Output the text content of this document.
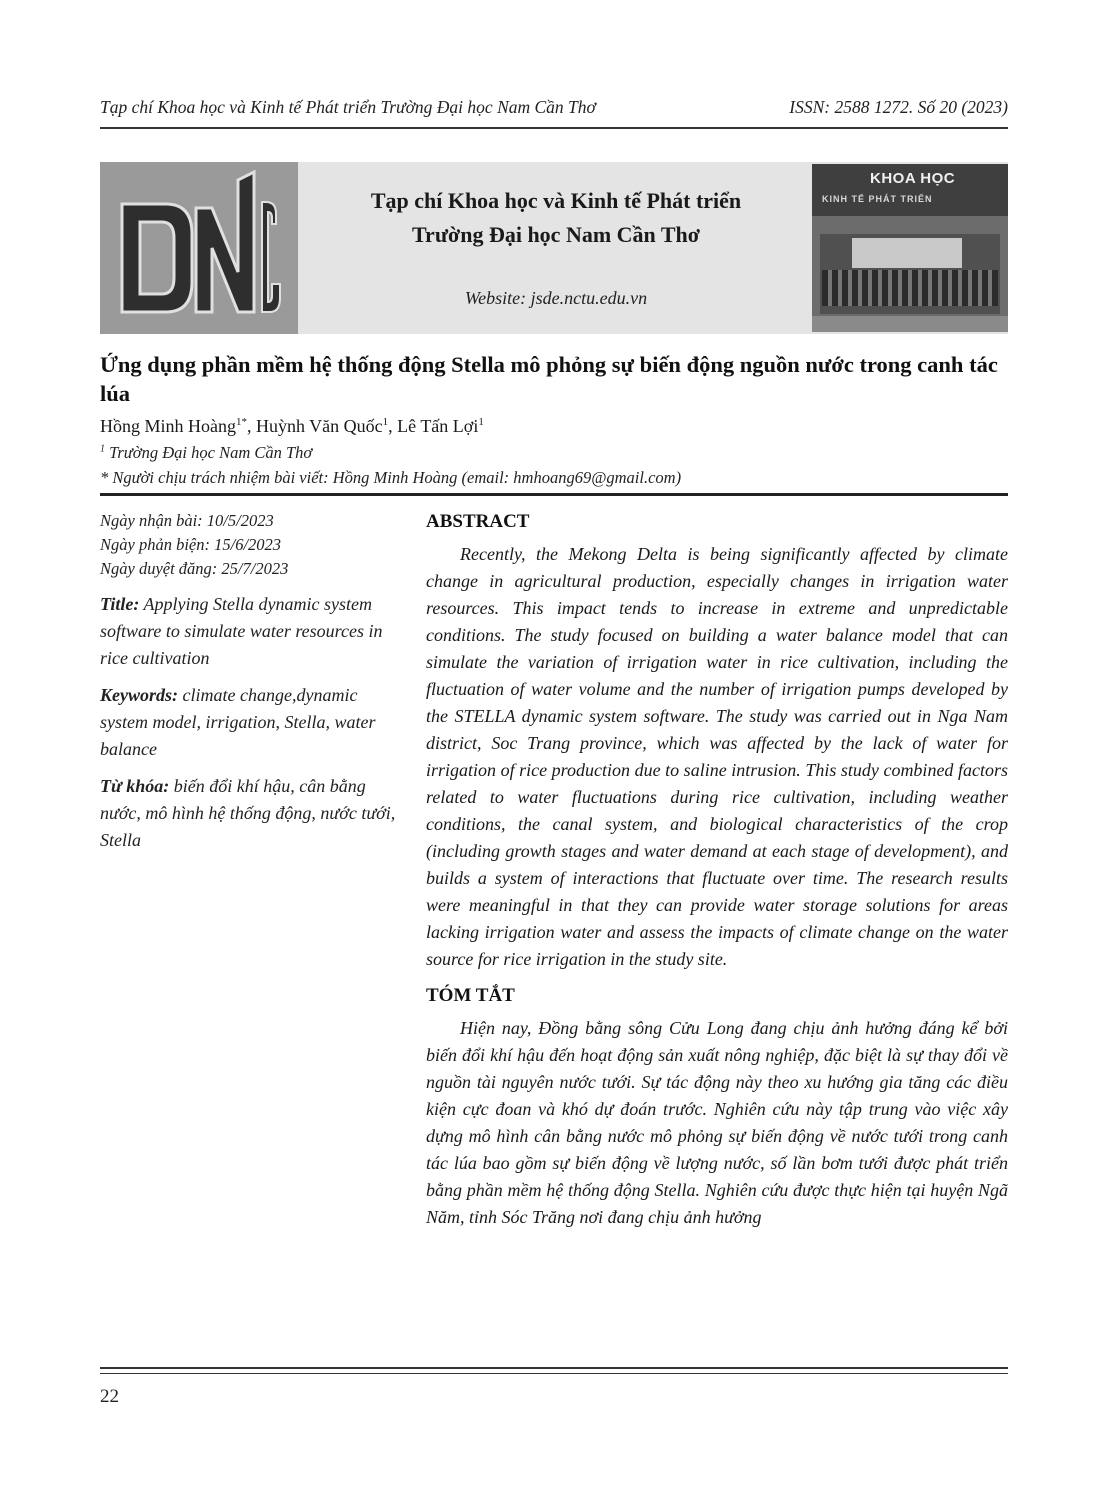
Tạp chí Khoa học và Kinh tế Phát triển Trường Đại học Nam Cần Thơ	ISSN: 2588 1272. Số 20 (2023)
Tạp chí Khoa học và Kinh tế Phát triển
Trường Đại học Nam Cần Thơ
Website: jsde.nctu.edu.vn
KHOA HỌC
KINH TẾ PHÁT TRIỂN
Ứng dụng phần mềm hệ thống động Stella mô phỏng sự biến động nguồn nước trong canh tác lúa
Hồng Minh Hoàng$^{1*}$, Huỳnh Văn Quốc$^1$, Lê Tấn Lợi$^1$
$^1$ Trường Đại học Nam Cần Thơ
* Người chịu trách nhiệm bài viết: Hồng Minh Hoàng (email: hmhoang69@gmail.com)
Ngày nhận bài: 10/5/2023
Ngày phản biện: 15/6/2023
Ngày duyệt đăng: 25/7/2023
Title: Applying Stella dynamic system software to simulate water resources in rice cultivation
Keywords: climate change,dynamic system model, irrigation, Stella, water balance
Từ khóa: biến đổi khí hậu, cân bằng nước, mô hình hệ thống động, nước tưới, Stella
ABSTRACT

Recently, the Mekong Delta is being significantly affected by climate change in agricultural production, especially changes in irrigation water resources. This impact tends to increase in extreme and unpredictable conditions. The study focused on building a water balance model that can simulate the variation of irrigation water in rice cultivation, including the fluctuation of water volume and the number of irrigation pumps developed by the STELLA dynamic system software. The study was carried out in Nga Nam district, Soc Trang province, which was affected by the lack of water for irrigation of rice production due to saline intrusion. This study combined factors related to water fluctuations during rice cultivation, including weather conditions, the canal system, and biological characteristics of the crop (including growth stages and water demand at each stage of development), and builds a system of interactions that fluctuate over time. The research results were meaningful in that they can provide water storage solutions for areas lacking irrigation water and assess the impacts of climate change on the water source for rice irrigation in the study site.

TÓM TẮT

Hiện nay, Đồng bằng sông Cửu Long đang chịu ảnh hưởng đáng kể bởi biến đổi khí hậu đến hoạt động sản xuất nông nghiệp, đặc biệt là sự thay đổi về nguồn tài nguyên nước tưới. Sự tác động này theo xu hướng gia tăng các điều kiện cực đoan và khó dự đoán trước. Nghiên cứu này tập trung vào việc xây dựng mô hình cân bằng nước mô phỏng sự biến động về nước tưới trong canh tác lúa bao gồm sự biến động về lượng nước, số lần bơm tưới được phát triển bằng phần mềm hệ thống động Stella. Nghiên cứu được thực hiện tại huyện Ngã Năm, tỉnh Sóc Trăng nơi đang chịu ảnh hưởng

22
